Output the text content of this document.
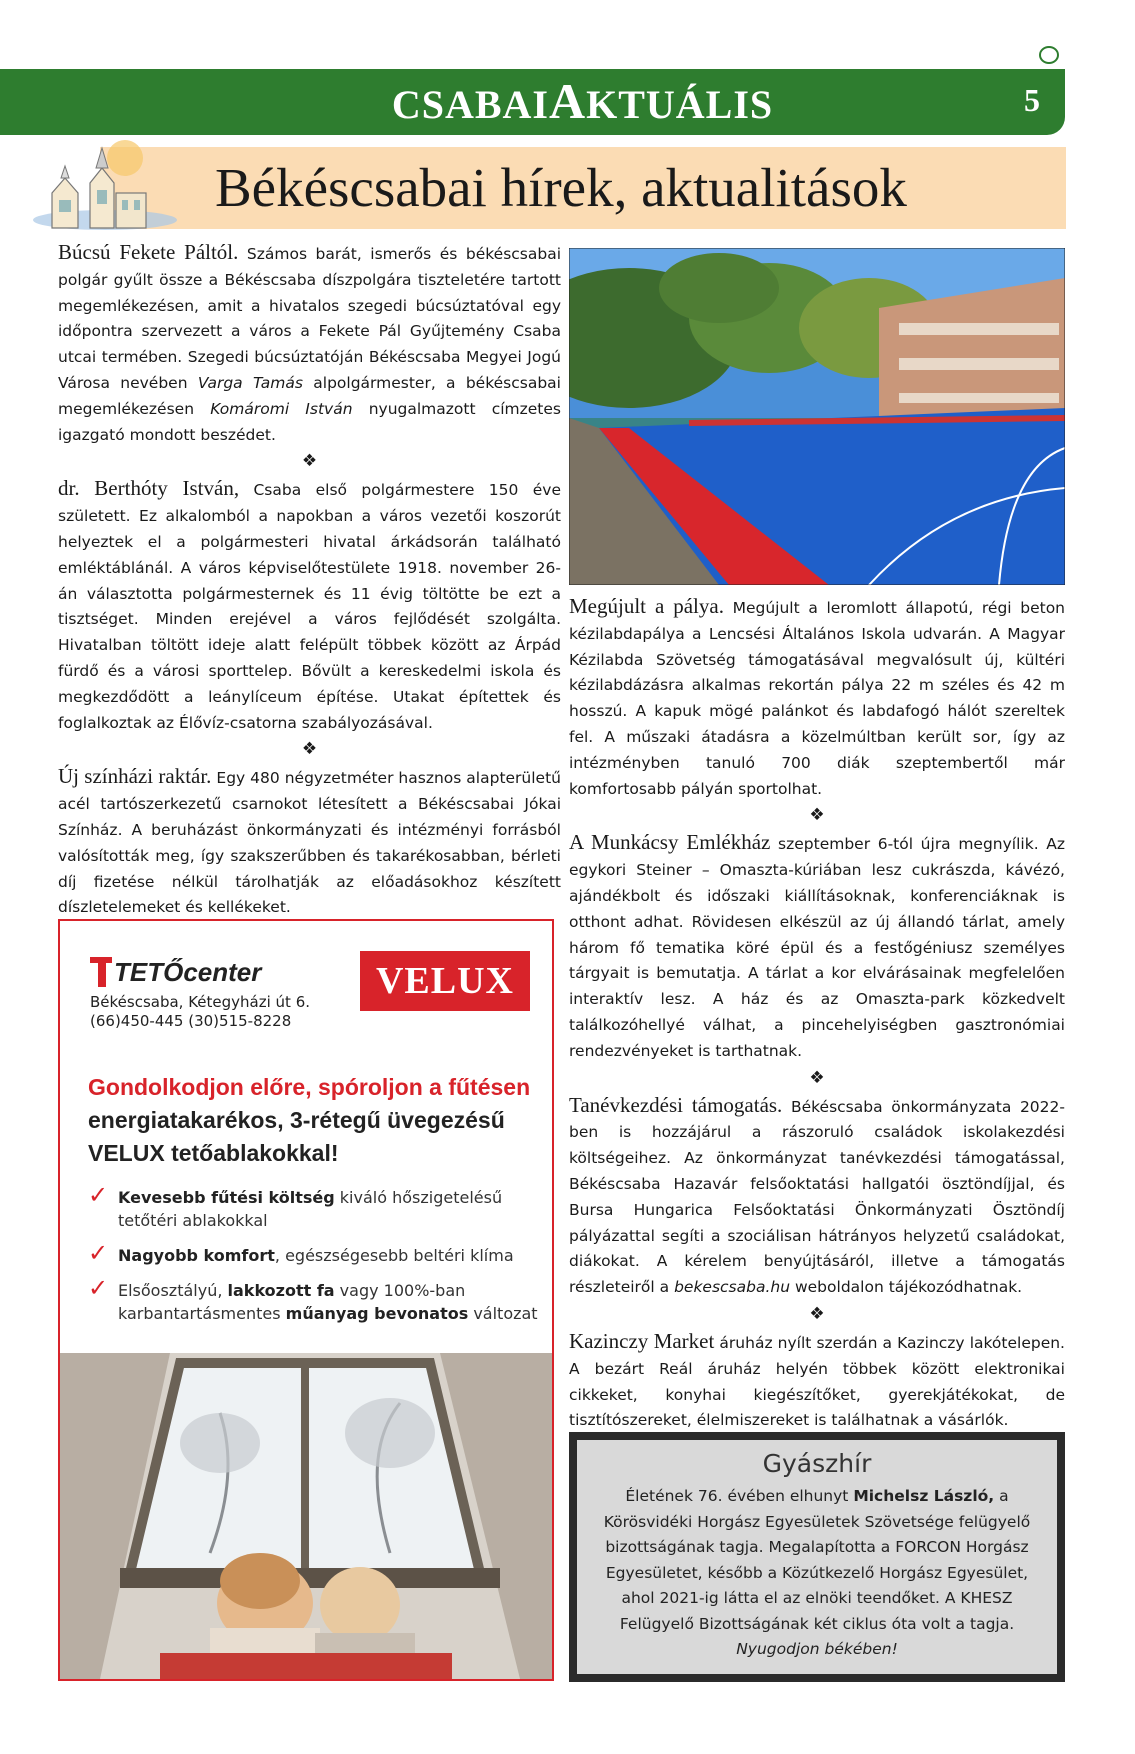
CSABAIAKTUÁLIS	5
Békéscsabai hírek, aktualitások

Búcsú Fekete Páltól. Számos barát, ismerős és békéscsabai polgár gyűlt össze a Békéscsaba díszpolgára tiszteletére tartott megemlékezésen, amit a hivatalos szegedi búcsúztatóval egy időpontra szervezett a város a Fekete Pál Gyűjtemény Csaba utcai termében. Szegedi búcsúztatóján Békéscsaba Megyei Jogú Városa nevében Varga Tamás alpolgármester, a békéscsabai megemlékezésen Komáromi István nyugalmazott címzetes igazgató mondott beszédet.

❖

dr. Berthóty István, Csaba első polgármestere 150 éve született. Ez alkalomból a napokban a város vezetői koszorút helyeztek el a polgármesteri hivatal árkádsorán található emléktáblánál. A város képviselőtestülete 1918. november 26-án választotta polgármesternek és 11 évig töltötte be ezt a tisztséget. Minden erejével a város fejlődését szolgálta. Hivatalban töltött ideje alatt felépült többek között az Árpád fürdő és a városi sporttelep. Bővült a kereskedelmi iskola és megkezdődött a leánylíceum építése. Utakat építettek és foglalkoztak az Élővíz-csatorna szabályozásával.

❖

Új színházi raktár. Egy 480 négyzetméter hasznos alapterületű acél tartószerkezetű csarnokot létesített a Békéscsabai Jókai Színház. A beruházást önkormányzati és intézményi forrásból valósították meg, így szakszerűbben és takarékosabban, bérleti díj fizetése nélkül tárolhatják az előadásokhoz készített díszletelemeket és kellékeket.

Megújult a pálya. Megújult a leromlott állapotú, régi beton kézilabdapálya a Lencsési Általános Iskola udvarán. A Magyar Kézilabda Szövetség támogatásával megvalósult új, kültéri kézilabdázásra alkalmas rekortán pálya 22 m széles és 42 m hosszú. A kapuk mögé palánkot és labdafogó hálót szereltek fel. A műszaki átadásra a közelmúltban került sor, így az intézményben tanuló 700 diák szeptembertől már komfortosabb pályán sportolhat.

❖

A Munkácsy Emlékház szeptember 6-tól újra megnyílik. Az egykori Steiner – Omaszta-kúriában lesz cukrászda, kávézó, ajándékbolt és időszaki kiállításoknak, konferenciáknak is otthont adhat. Rövidesen elkészül az új állandó tárlat, amely három fő tematika köré épül és a festőgéniusz személyes tárgyait is bemutatja. A tárlat a kor elvárásainak megfelelően interaktív lesz. A ház és az Omaszta-park közkedvelt találkozóhellyé válhat, a pincehelyiségben gasztronómiai rendezvényeket is tarthatnak.

❖

Tanévkezdési támogatás. Békéscsaba önkormányzata 2022-ben is hozzájárul a rászoruló családok iskolakezdési költségeihez. Az önkormányzat tanévkezdési támogatással, Békéscsaba Hazavár felsőoktatási hallgatói ösztöndíjjal, és Bursa Hungarica Felsőoktatási Önkormányzati Ösztöndíj pályázattal segíti a szociálisan hátrányos helyzetű családokat, diákokat. A kérelem benyújtásáról, illetve a támogatás részleteiről a bekescsaba.hu weboldalon tájékozódhatnak.

❖

Kazinczy Market áruház nyílt szerdán a Kazinczy lakótelepen. A bezárt Reál áruház helyén többek között elektronikai cikkeket, konyhai kiegészítőket, gyerekjátékokat, de tisztítószereket, élelmiszereket is találhatnak a vásárlók.

TETŐcenter
Békéscsaba, Kétegyházi út 6.
(66)450-445 (30)515-8228
VELUX
Gondolkodjon előre, spóroljon a fűtésen
energiatakarékos, 3-rétegű üvegezésű VELUX tetőablakokkal!
✓ Kevesebb fűtési költség kiváló hőszigetelésű tetőtéri ablakokkal
✓ Nagyobb komfort, egészségesebb beltéri klíma
✓ Elsőosztályú, lakkozott fa vagy 100%-ban karbantartásmentes műanyag bevonatos változat
Gyászhír
Életének 76. évében elhunyt Michelsz László, a Körösvidéki Horgász Egyesületek Szövetsége felügyelő bizottságának tagja. Megalapította a FORCON Horgász Egyesületet, később a Közútkezelő Horgász Egyesület, ahol 2021-ig látta el az elnöki teendőket. A KHESZ Felügyelő Bizottságának két ciklus óta volt a tagja.
Nyugodjon békében!
